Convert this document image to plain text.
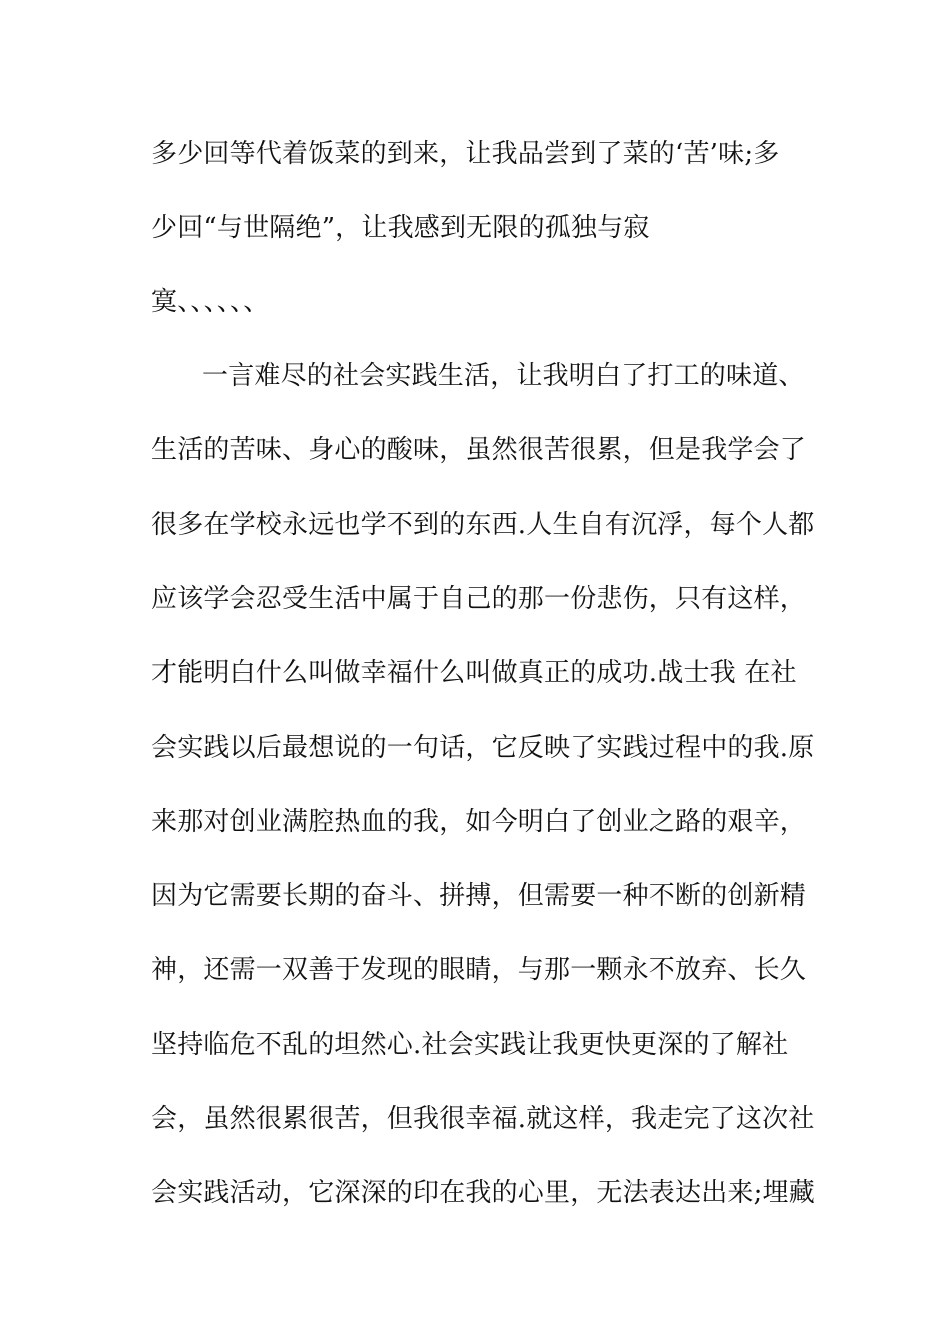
多少回等代着饭菜的到来，让我品尝到了菜的‘苦’味;多

少回“与世隔绝”，让我感到无限的孤独与寂

寞、、、、、、

一言难尽的社会实践生活，让我明白了打工的味道、

生活的苦味、身心的酸味，虽然很苦很累，但是我学会了

很多在学校永远也学不到的东西.人生自有沉浮，每个人都

应该学会忍受生活中属于自己的那一份悲伤，只有这样，

才能明白什么叫做幸福什么叫做真正的成功.战士我 在社

会实践以后最想说的一句话，它反映了实践过程中的我.原

来那对创业满腔热血的我，如今明白了创业之路的艰辛，

因为它需要长期的奋斗、拼搏，但需要一种不断的创新精

神，还需一双善于发现的眼睛，与那一颗永不放弃、长久

坚持临危不乱的坦然心.社会实践让我更快更深的了解社

会，虽然很累很苦，但我很幸福.就这样，我走完了这次社

会实践活动，它深深的印在我的心里，无法表达出来;埋藏
